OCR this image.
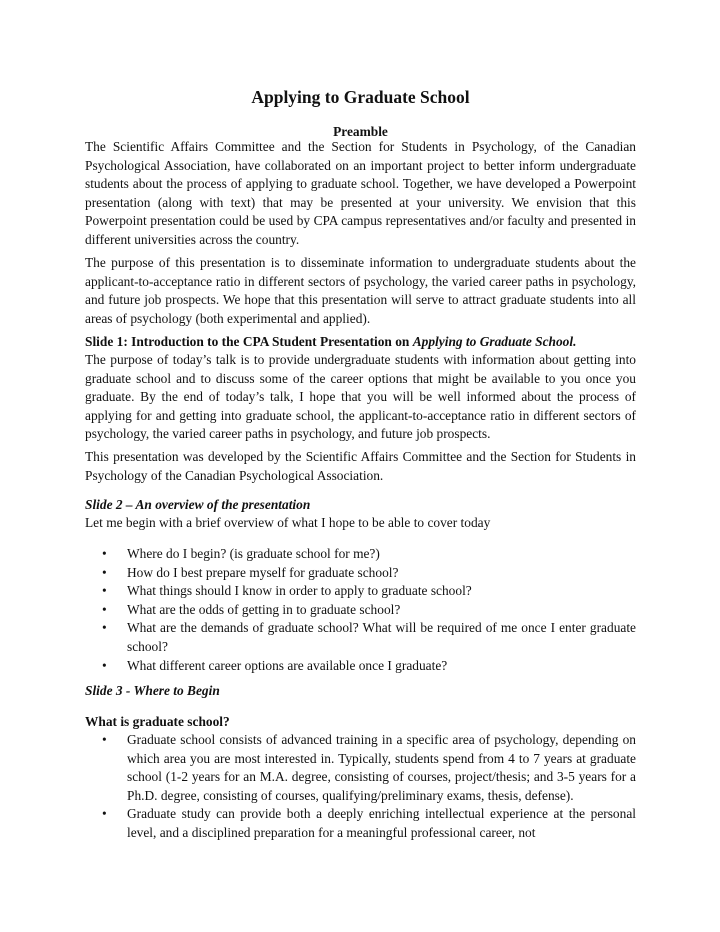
Applying to Graduate School
Preamble
The Scientific Affairs Committee and the Section for Students in Psychology, of the Canadian Psychological Association, have collaborated on an important project to better inform undergraduate students about the process of applying to graduate school. Together, we have developed a Powerpoint presentation (along with text) that may be presented at your university. We envision that this Powerpoint presentation could be used by CPA campus representatives and/or faculty and presented in different universities across the country.
The purpose of this presentation is to disseminate information to undergraduate students about the applicant-to-acceptance ratio in different sectors of psychology, the varied career paths in psychology, and future job prospects. We hope that this presentation will serve to attract graduate students into all areas of psychology (both experimental and applied).
Slide 1: Introduction to the CPA Student Presentation on Applying to Graduate School.
The purpose of today’s talk is to provide undergraduate students with information about getting into graduate school and to discuss some of the career options that might be available to you once you graduate. By the end of today’s talk, I hope that you will be well informed about the process of applying for and getting into graduate school, the applicant-to-acceptance ratio in different sectors of psychology, the varied career paths in psychology, and future job prospects.
This presentation was developed by the Scientific Affairs Committee and the Section for Students in Psychology of the Canadian Psychological Association.
Slide 2 – An overview of the presentation
Let me begin with a brief overview of what I hope to be able to cover today
• Where do I begin? (is graduate school for me?)
• How do I best prepare myself for graduate school?
• What things should I know in order to apply to graduate school?
• What are the odds of getting in to graduate school?
• What are the demands of graduate school? What will be required of me once I enter graduate school?
• What different career options are available once I graduate?
Slide 3 - Where to Begin
What is graduate school?
• Graduate school consists of advanced training in a specific area of psychology, depending on which area you are most interested in. Typically, students spend from 4 to 7 years at graduate school (1-2 years for an M.A. degree, consisting of courses, project/thesis; and 3-5 years for a Ph.D. degree, consisting of courses, qualifying/preliminary exams, thesis, defense).
• Graduate study can provide both a deeply enriching intellectual experience at the personal level, and a disciplined preparation for a meaningful professional career, not
